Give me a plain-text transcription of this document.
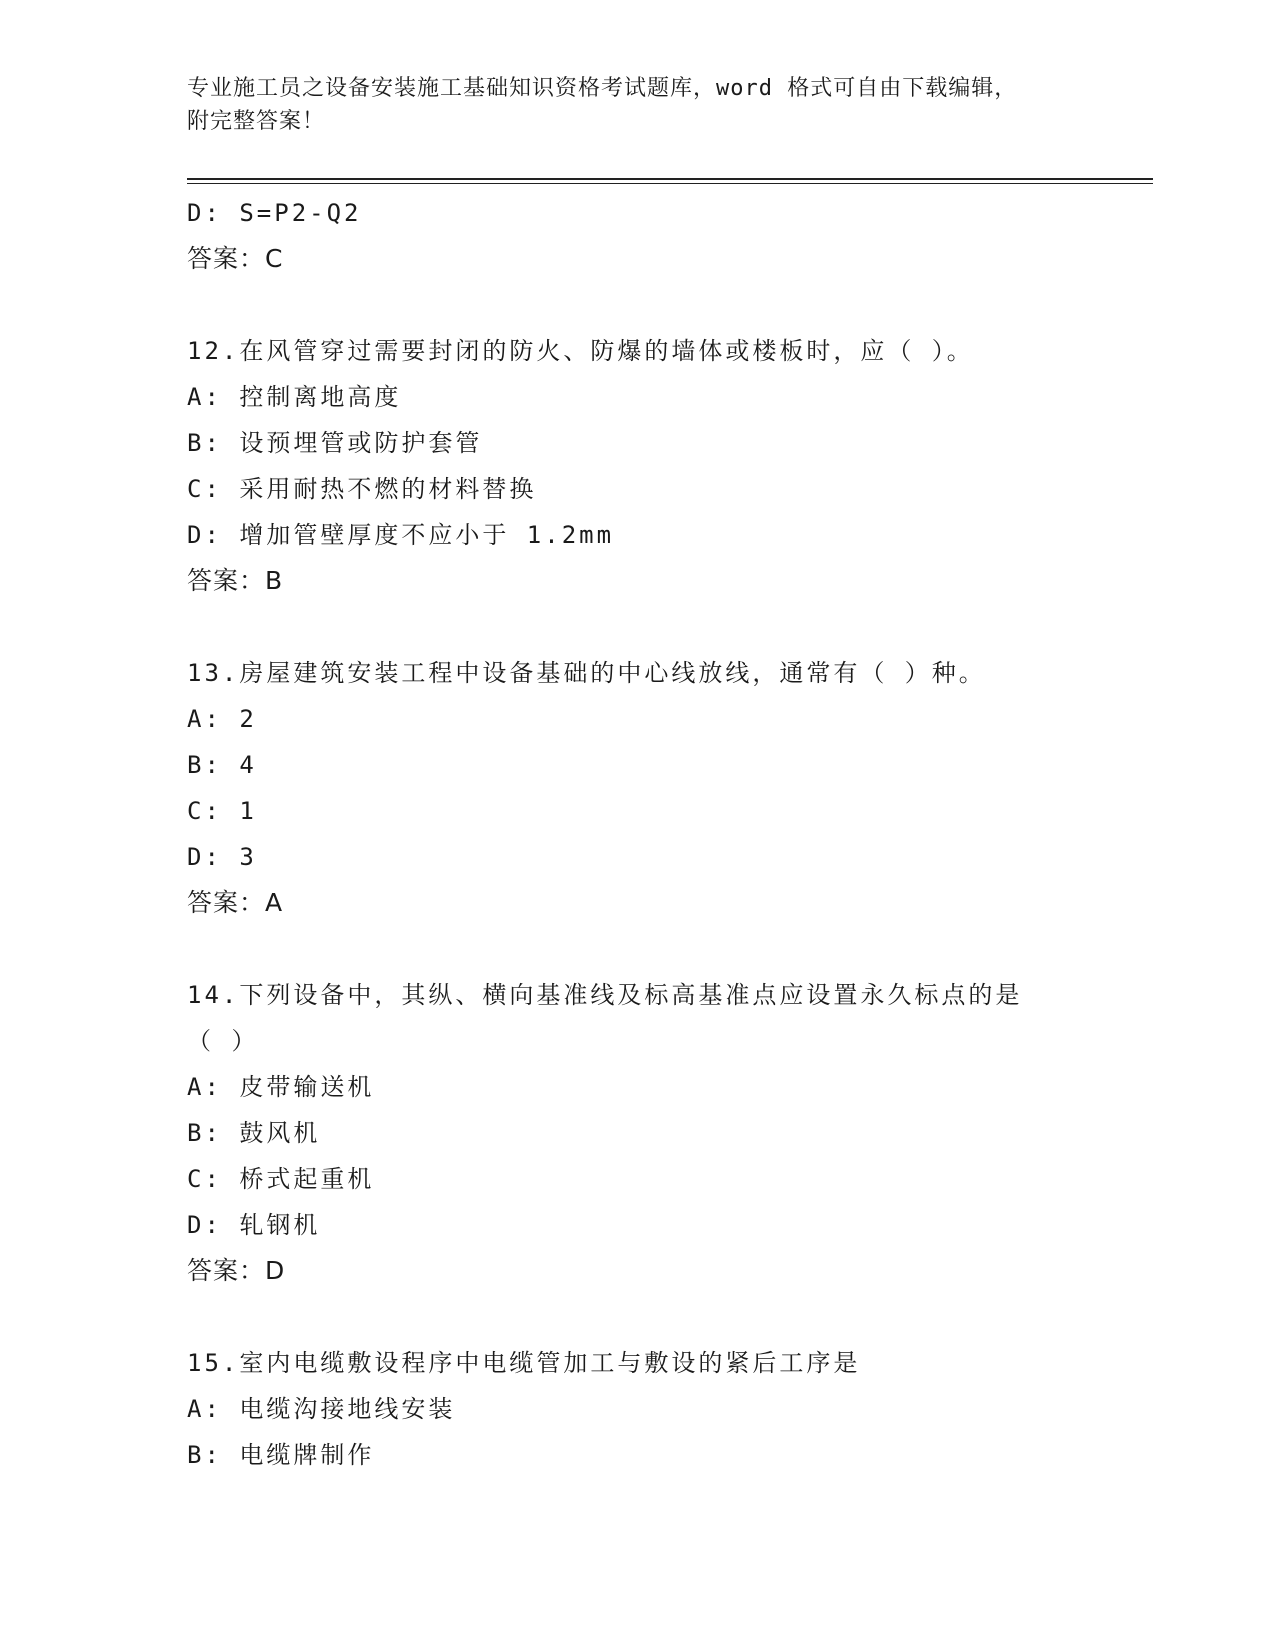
专业施工员之设备安装施工基础知识资格考试题库，word 格式可自由下载编辑，
附完整答案！
D: S=P2-Q2
答案：C
12.在风管穿过需要封闭的防火、防爆的墙体或楼板时，应（ ）。
A: 控制离地高度
B: 设预埋管或防护套管
C: 采用耐热不燃的材料替换
D: 增加管壁厚度不应小于 1.2mm
答案：B
13.房屋建筑安装工程中设备基础的中心线放线，通常有（ ）种。
A: 2
B: 4
C: 1
D: 3
答案：A
14.下列设备中，其纵、横向基准线及标高基准点应设置永久标点的是
（ ）
A: 皮带输送机
B: 鼓风机
C: 桥式起重机
D: 轧钢机
答案：D
15.室内电缆敷设程序中电缆管加工与敷设的紧后工序是
A: 电缆沟接地线安装
B: 电缆牌制作
